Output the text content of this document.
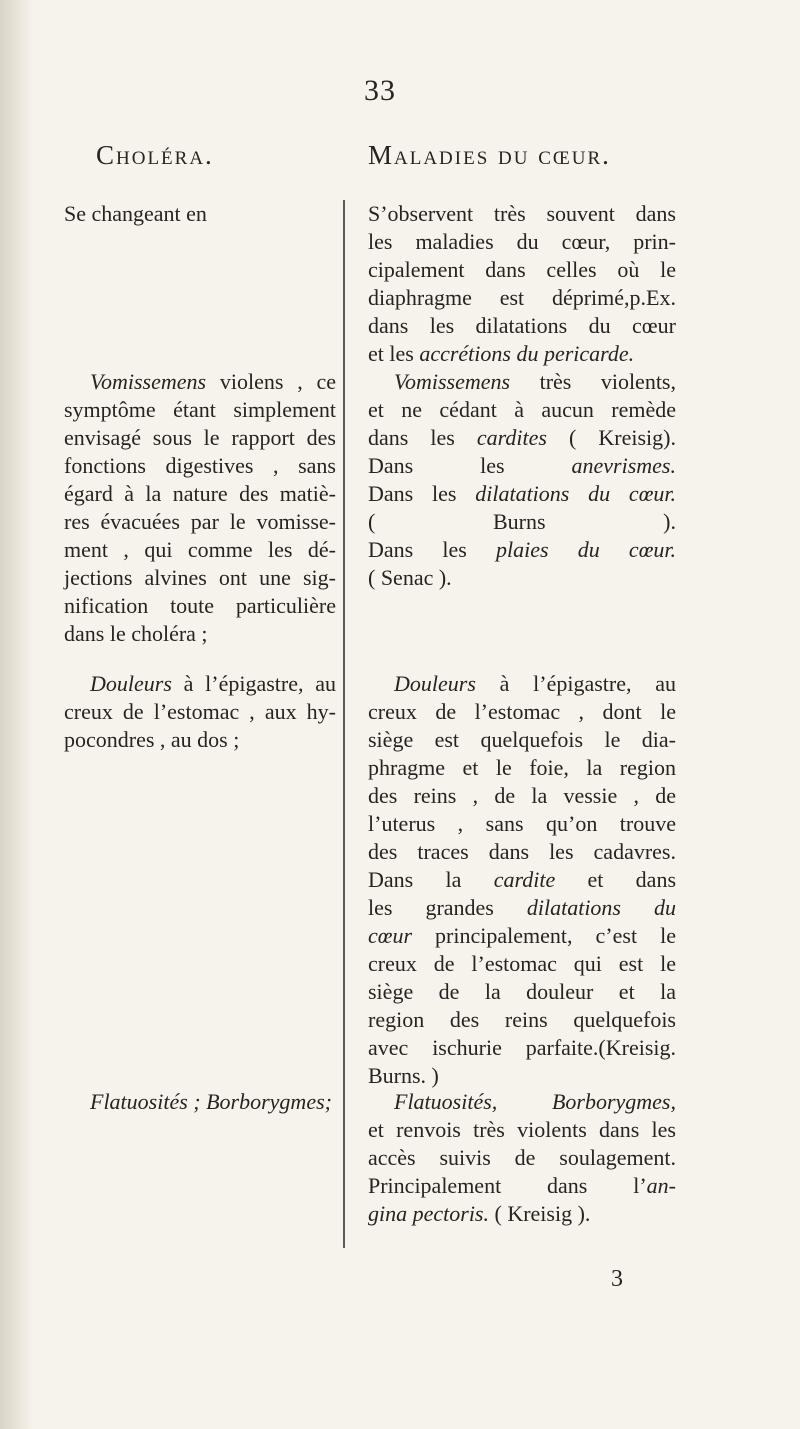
33
Choléra.	Maladies du cœur.
Se changeant en
Vomissemens violens , ce
symptôme étant simplement
envisagé sous le rapport des
fonctions digestives , sans
égard à la nature des matiè-
res évacuées par le vomisse-
ment , qui comme les dé-
jections alvines ont une sig-
nification toute particulière
dans le choléra ;
Douleurs à l’épigastre, au
creux de l’estomac , aux hy-
pocondres , au dos ;
Flatuosités ; Borborygmes;
S’observent très souvent dans
les maladies du cœur, prin-
cipalement dans celles où le
diaphragme est déprimé,p.Ex.
dans les dilatations du cœur
et les accrétions du pericarde.
Vomissemens très violents,
et ne cédant à aucun remède
dans les cardites ( Kreisig).
Dans les anevrismes.
Dans les dilatations du cœur.
( Burns ).
Dans les plaies du cœur.
( Senac ).
Douleurs à l’épigastre, au
creux de l’estomac , dont le
siège est quelquefois le dia-
phragme et le foie, la region
des reins , de la vessie , de
l’uterus , sans qu’on trouve
des traces dans les cadavres.
Dans la cardite et dans
les grandes dilatations du
cœur principalement, c’est le
creux de l’estomac qui est le
siège de la douleur et la
region des reins quelquefois
avec ischurie parfaite.(Kreisig.
Burns. )
Flatuosités, Borborygmes,
et renvois très violents dans les
accès suivis de soulagement.
Principalement dans l’an-
gina pectoris. ( Kreisig ).
3
